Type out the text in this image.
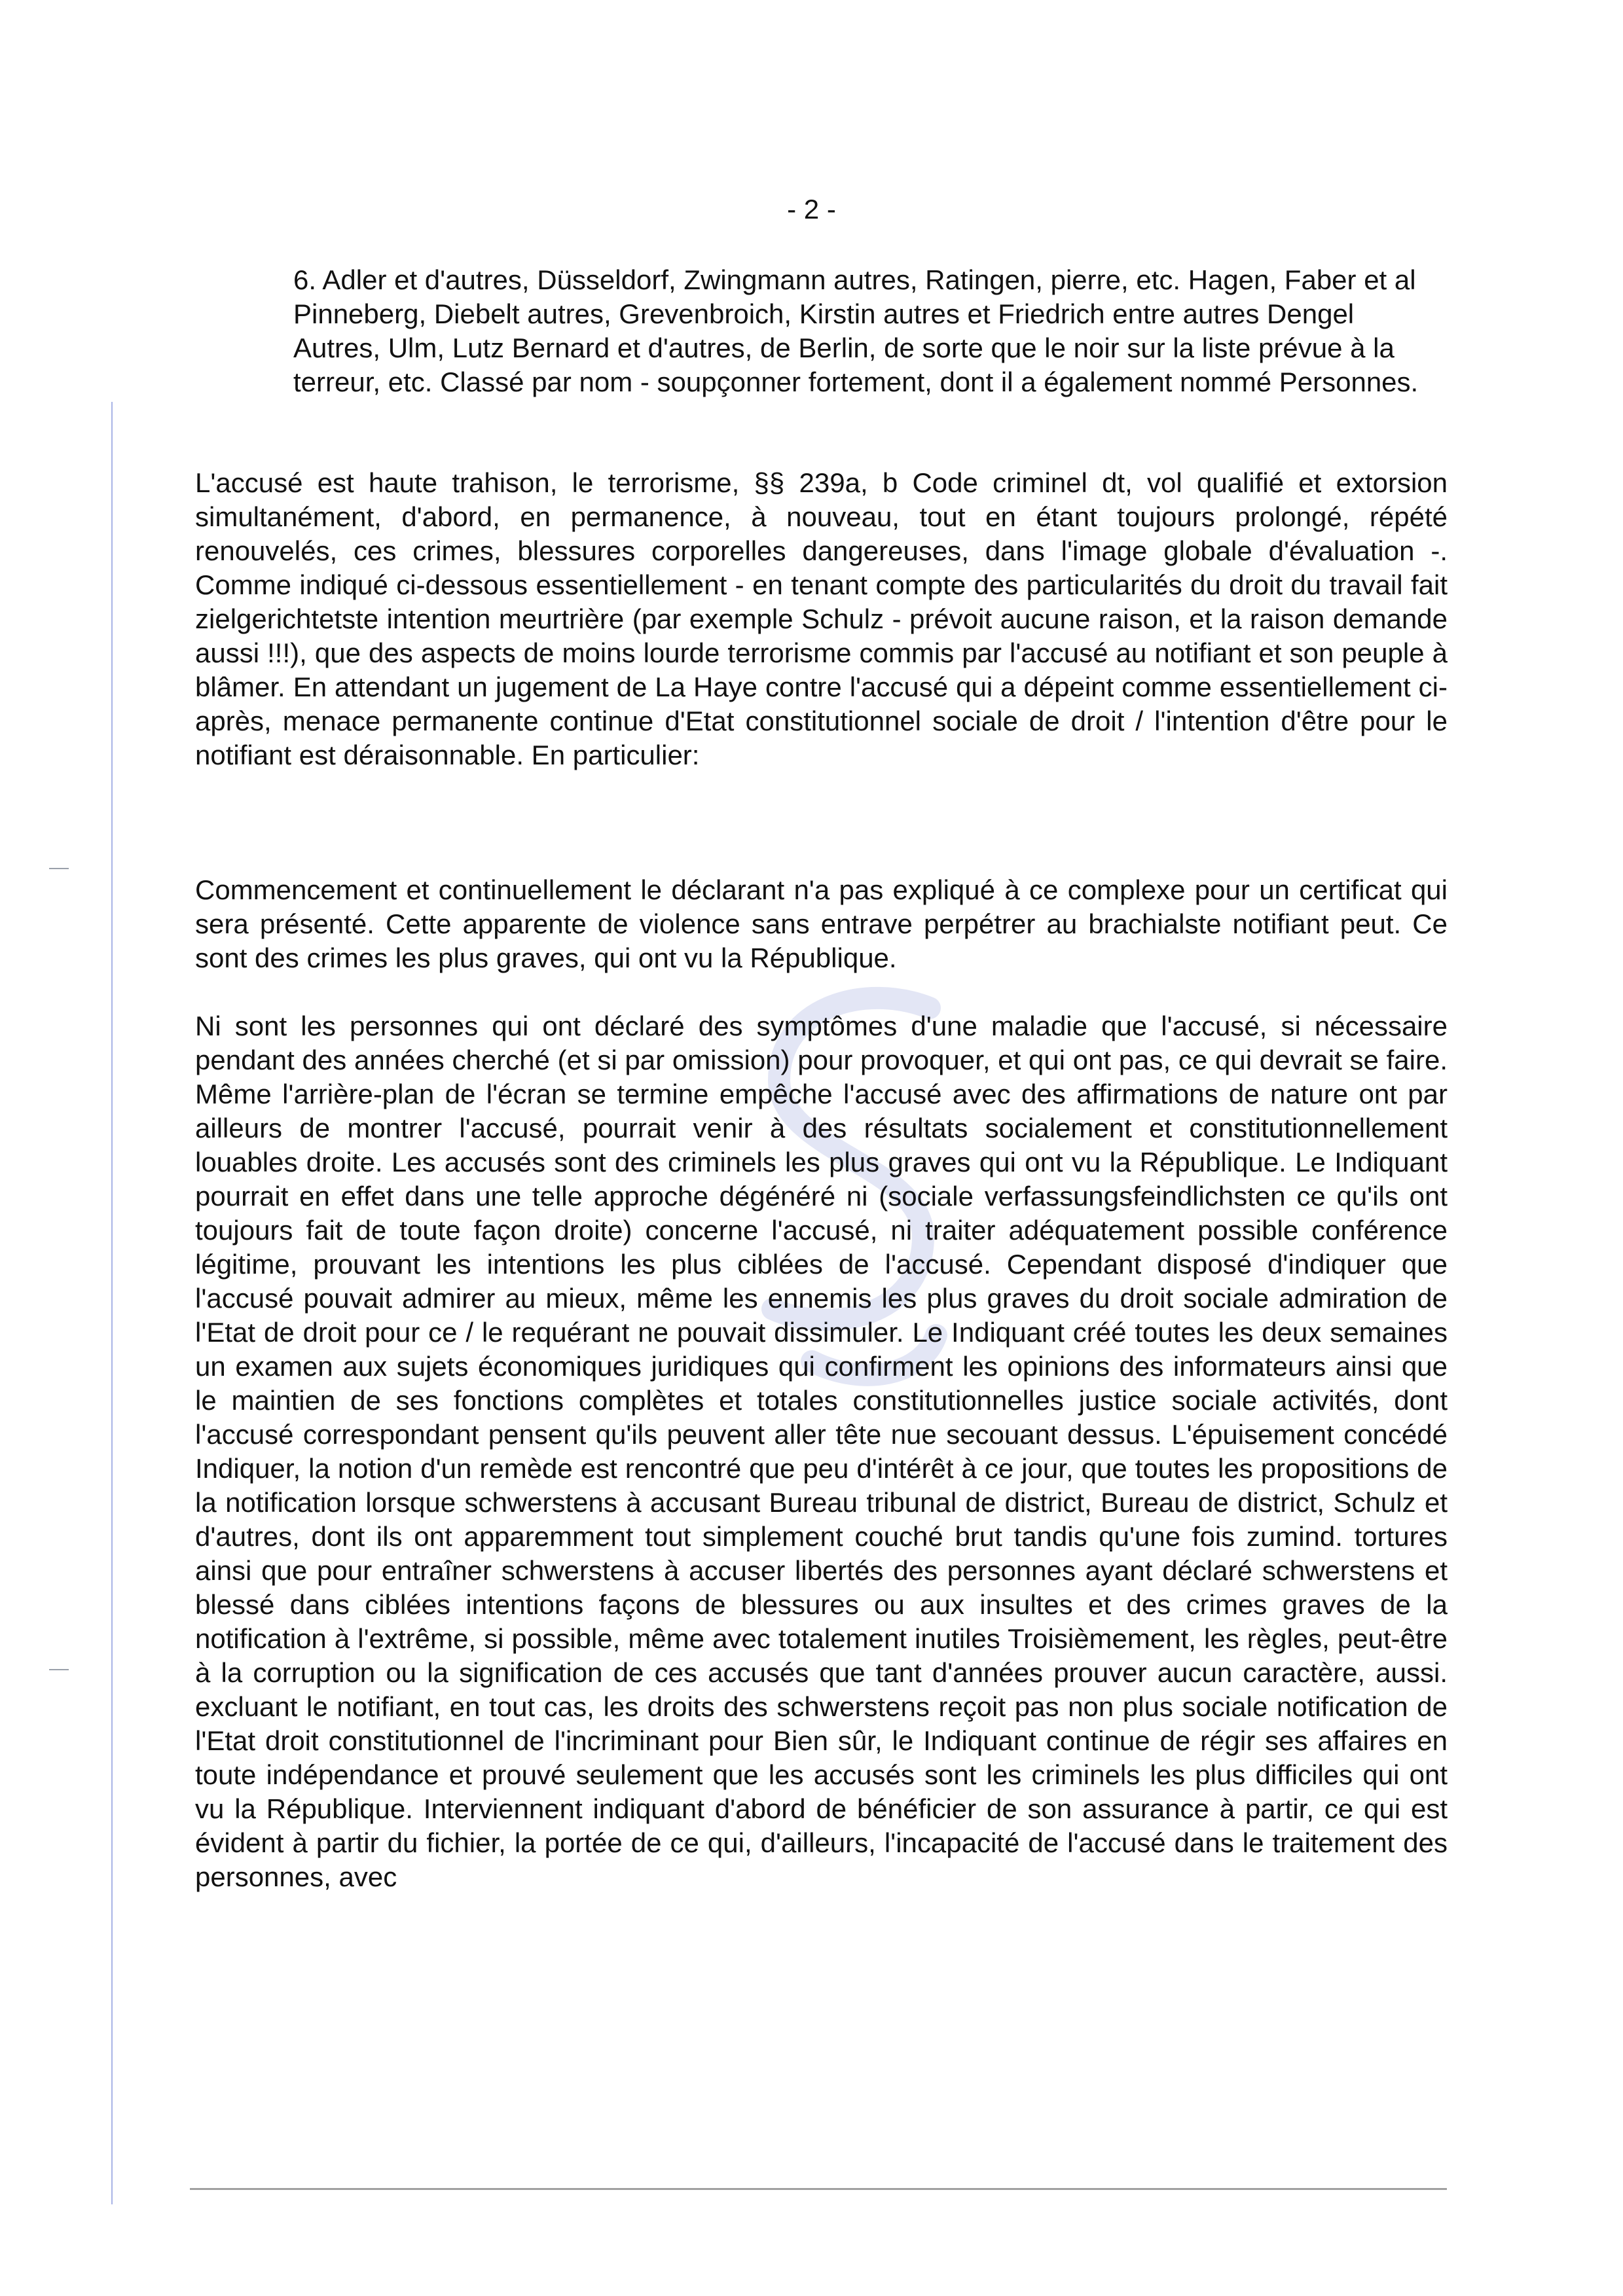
- 2 -

6. Adler et d'autres, Düsseldorf, Zwingmann autres, Ratingen, pierre, etc. Hagen, Faber et al Pinneberg, Diebelt autres, Grevenbroich, Kirstin autres et Friedrich entre autres Dengel Autres, Ulm, Lutz Bernard et d'autres, de Berlin, de sorte que le noir sur la liste prévue à la terreur, etc. Classé par nom - soupçonner fortement, dont il a également nommé Personnes.

L'accusé est haute trahison, le terrorisme, §§ 239a, b Code criminel dt, vol qualifié et extorsion simultanément, d'abord, en permanence, à nouveau, tout en étant toujours prolongé, répété renouvelés, ces crimes, blessures corporelles dangereuses, dans l'image globale d'évaluation -. Comme indiqué ci-dessous essentiellement - en tenant compte des particularités du droit du travail fait zielgerichtetste intention meurtrière (par exemple Schulz - prévoit aucune raison, et la raison demande aussi !!!), que des aspects de moins lourde terrorisme commis par l'accusé au notifiant et son peuple à blâmer. En attendant un jugement de La Haye contre l'accusé qui a dépeint comme essentiellement ci-après, menace permanente continue d'Etat constitutionnel sociale de droit / l'intention d'être pour le notifiant est déraisonnable. En particulier:

Commencement et continuellement le déclarant n'a pas expliqué à ce complexe pour un certificat qui sera présenté. Cette apparente de violence sans entrave perpétrer au brachialste notifiant peut. Ce sont des crimes les plus graves, qui ont vu la République.

Ni sont les personnes qui ont déclaré des symptômes d'une maladie que l'accusé, si nécessaire pendant des années cherché (et si par omission) pour provoquer, et qui ont pas, ce qui devrait se faire. Même l'arrière-plan de l'écran se termine empêche l'accusé avec des affirmations de nature ont par ailleurs de montrer l'accusé, pourrait venir à des résultats socialement et constitutionnellement louables droite. Les accusés sont des criminels les plus graves qui ont vu la République. Le Indiquant pourrait en effet dans une telle approche dégénéré ni (sociale verfassungsfeindlichsten ce qu'ils ont toujours fait de toute façon droite) concerne l'accusé, ni traiter adéquatement possible conférence légitime, prouvant les intentions les plus ciblées de l'accusé. Cependant disposé d'indiquer que l'accusé pouvait admirer au mieux, même les ennemis les plus graves du droit sociale admiration de l'Etat de droit pour ce / le requérant ne pouvait dissimuler. Le Indiquant créé toutes les deux semaines un examen aux sujets économiques juridiques qui confirment les opinions des informateurs ainsi que le maintien de ses fonctions complètes et totales constitutionnelles justice sociale activités, dont l'accusé correspondant pensent qu'ils peuvent aller tête nue secouant dessus. L'épuisement concédé Indiquer, la notion d'un remède est rencontré que peu d'intérêt à ce jour, que toutes les propositions de la notification lorsque schwerstens à accusant Bureau tribunal de district, Bureau de district, Schulz et d'autres, dont ils ont apparemment tout simplement couché brut tandis qu'une fois zumind. tortures ainsi que pour entraîner schwerstens à accuser libertés des personnes ayant déclaré schwerstens et blessé dans ciblées intentions façons de blessures ou aux insultes et des crimes graves de la notification à l'extrême, si possible, même avec totalement inutiles Troisièmement, les règles, peut-être à la corruption ou la signification de ces accusés que tant d'années prouver aucun caractère, aussi. excluant le notifiant, en tout cas, les droits des schwerstens reçoit pas non plus sociale notification de l'Etat droit constitutionnel de l'incriminant pour Bien sûr, le Indiquant continue de régir ses affaires en toute indépendance et prouvé seulement que les accusés sont les criminels les plus difficiles qui ont vu la République. Interviennent indiquant d'abord de bénéficier de son assurance à partir, ce qui est évident à partir du fichier, la portée de ce qui, d'ailleurs, l'incapacité de l'accusé dans le traitement des personnes, avec
